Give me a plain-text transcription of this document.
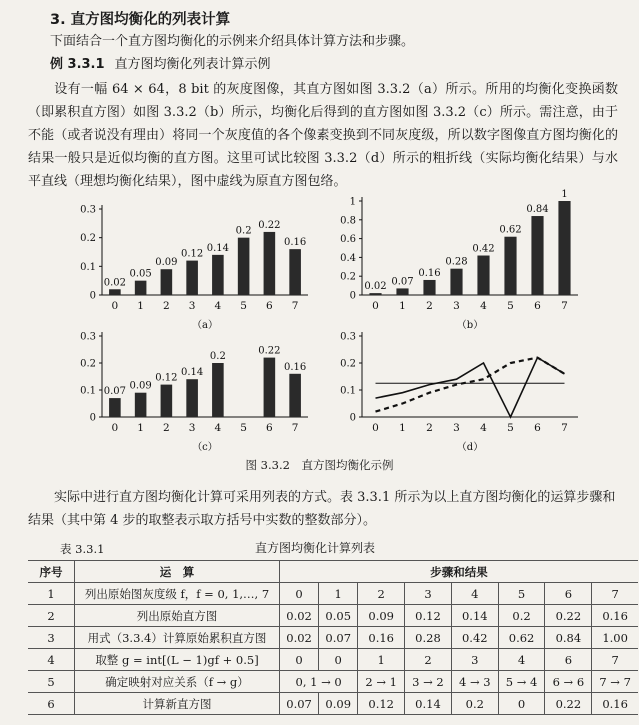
3. 直方图均衡化的列表计算
下面结合一个直方图均衡化的示例来介绍具体计算方法和步骤。
例 3.3.1 直方图均衡化列表计算示例
设有一幅 64 × 64，8 bit 的灰度图像，其直方图如图 3.3.2（a）所示。所用的均衡化变换函数（即累积直方图）如图 3.3.2（b）所示，均衡化后得到的直方图如图 3.3.2（c）所示。需注意，由于不能（或者说没有理由）将同一个灰度值的各个像素变换到不同灰度级，所以数字图像直方图均衡化的结果一般只是近似均衡的直方图。这里可试比较图 3.3.2（d）所示的粗折线（实际均衡化结果）与水平直线（理想均衡化结果），图中虚线为原直方图包络。
0
0.1
0.2
0.3
0 1 2 3 4 5 6 7
（a）
0.02
0.05
0.09
0.12
0.14
0.2
0.22
0.16
0
0.2
0.4
0.6
0.8
1
0 1 2 3 4 5 6 7
（b）
0.02 0.07
0.16
0.28
0.42
0.62
0.84
1
0
0.1
0.2
0.3
0 1 2 3 4 5 6 7
（c）
0.07 0.09
0.12 0.14
0.2	0.22
0.16
0
0.1
0.2
0.3
0 1 2 3 4 5 6 7
（d）
图 3.3.2　直方图均衡化示例
实际中进行直方图均衡化计算可采用列表的方式。表 3.3.1 所示为以上直方图均衡化的运算步骤和结果（其中第 4 步的取整表示取方括号中实数的整数部分）。
表 3.3.1	直方图均衡化计算列表
序号	运　算	步骤和结果							
1	列出原始图灰度级 f，f = 0, 1,…, 7	0	1	2	3	4	5	6	7
2	列出原始直方图	0.02	0.05	0.09	0.12	0.14	0.2	0.22	0.16
3	用式（3.3.4）计算原始累积直方图	0.02	0.07	0.16	0.28	0.42	0.62	0.84	1.00
4	取整 g = int[(L − 1)gf + 0.5]	0	0	1	2	3	4	6	7
5	确定映射对应关系（f → g）	0, 1 → 0		2 → 1	3 → 2	4 → 3	5 → 4	6 → 6	7 → 7
6	计算新直方图	0.07	0.09	0.12	0.14	0.2	0	0.22	0.16
